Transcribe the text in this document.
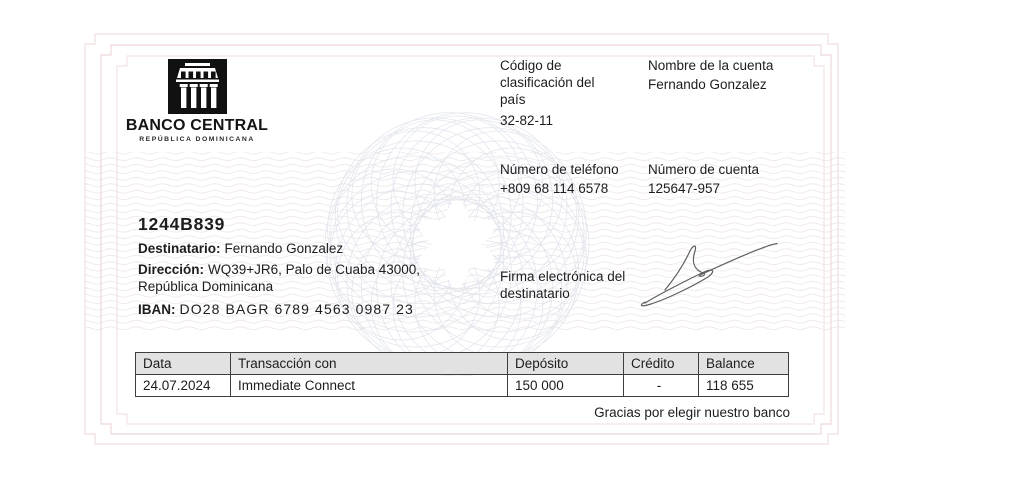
BANCO CENTRAL
REPÚBLICA DOMINICANA
Código de clasificación del país
32-82-11
Nombre de la cuenta
Fernando Gonzalez
Número de teléfono
+809 68 114 6578
Número de cuenta
125647-957
1244B839
Destinatario: Fernando Gonzalez
Dirección: WQ39+JR6, Palo de Cuaba 43000, República Dominicana
IBAN: DO28 BAGR 6789 4563 0987 23
Firma electrónica del destinatario
Data	Transacción con	Depósito	Crédito	Balance
24.07.2024	Immediate Connect	150 000	-	118 655
Gracias por elegir nuestro banco
